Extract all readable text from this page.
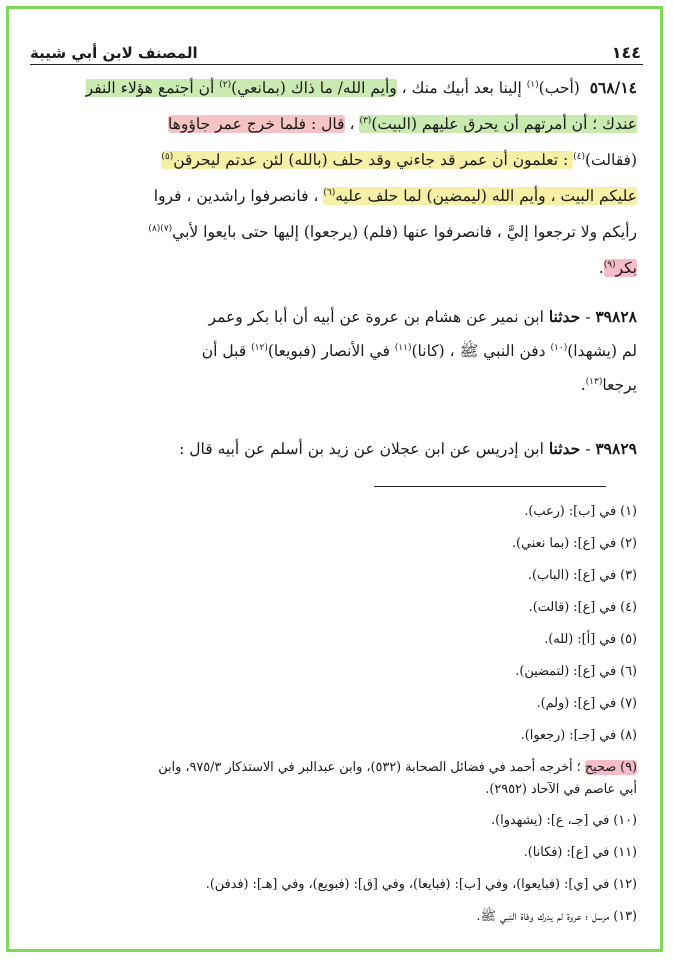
١٤٤
المصنف لابن أبي شيبة

٥٦٨/١٤  (أحب)$^{(١)}$ إلينا بعد أبيك منك ، وأيم الله/ ما ذاك (بمانعي)$^{(٢)}$ أن أجتمع هؤلاء النفر
عندك ؛ أن أمرتهم أن يحرق عليهم (البيت)$^{(٣)}$ ، قال : فلما خرج عمر جاؤوها
(فقالت)$^{(٤)}$ : تعلمون أن عمر قد جاءني وقد حلف (بالله) لئن عدتم ليحرقن$^{(٥)}$
عليكم البيت ، وأيم الله (ليمضين) لما حلف عليه$^{(٦)}$ ، فانصرفوا راشدين ، فروا
رأيكم ولا ترجعوا إليَّ ، فانصرفوا عنها (فلم) (يرجعوا) إليها حتى بايعوا لأبي$^{(٧)(٨)}$
بكر$^{(٩)}$.

٣٩٨٢٨ - حدثنا ابن نمير عن هشام بن عروة عن أبيه أن أبا بكر وعمر
لم (يشهدا)$^{(١٠)}$ دفن النبي ﷺ ، (كانا)$^{(١١)}$ في الأنصار (فبويعا)$^{(١٢)}$ قبل أن
يرجعا$^{(١٣)}$.

٣٩٨٢٩ - حدثنا ابن إدريس عن ابن عجلان عن زيد بن أسلم عن أبيه قال :

(١) في [ب]: (رعب).
(٢) في [ع]: (بما نعني).
(٣) في [ع]: (الباب).
(٤) في [ع]: (قالت).
(٥) في [أ]: (لله).
(٦) في [ع]: (لتمضين).
(٧) في [ع]: (ولم).
(٨) في [جـ]: (رجعوا).
(٩) صحيح ؛ أخرجه أحمد في فضائل الصحابة (٥٣٢)، وابن عبدالبر في الاستذكار ٩٧٥/٣، وابن
أبي عاصم في الآحاد (٢٩٥٢).
(١٠) في [جـ، ع]: (يشهدوا).
(١١) في [ع]: (فكانا).
(١٢) في [ي]: (فبايعوا)، وفي [ب]: (فبايعا)، وفي [ق]: (فبويع)، وفي [هـ]: (فدفن).
(١٣) مرسل ؛ عروة لم يدرك وفاة النبي ﷺ.
